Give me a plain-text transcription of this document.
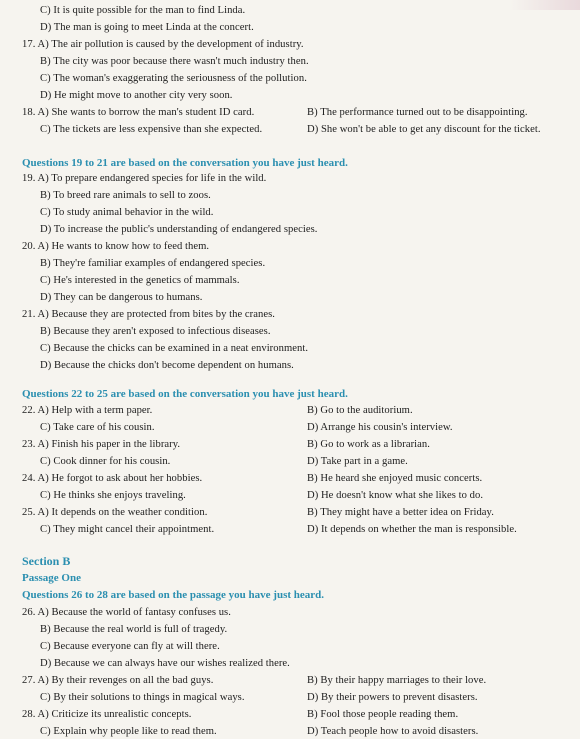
C) It is quite possible for the man to find Linda.
D) The man is going to meet Linda at the concert.
17. A) The air pollution is caused by the development of industry.
B) The city was poor because there wasn't much industry then.
C) The woman's exaggerating the seriousness of the pollution.
D) He might move to another city very soon.
18. A) She wants to borrow the man's student ID card.	B) The performance turned out to be disappointing.
C) The tickets are less expensive than she expected.	D) She won't be able to get any discount for the ticket.
19. A) To prepare endangered species for life in the wild.
B) To breed rare animals to sell to zoos.
C) To study animal behavior in the wild.
D) To increase the public's understanding of endangered species.
20. A) He wants to know how to feed them.
B) They're familiar examples of endangered species.
C) He's interested in the genetics of mammals.
D) They can be dangerous to humans.
21. A) Because they are protected from bites by the cranes.
B) Because they aren't exposed to infectious diseases.
C) Because the chicks can be examined in a neat environment.
D) Because the chicks don't become dependent on humans.
22. A) Help with a term paper.	B) Go to the auditorium.
C) Take care of his cousin.	D) Arrange his cousin's interview.
23. A) Finish his paper in the library.	B) Go to work as a librarian.
C) Cook dinner for his cousin.	D) Take part in a game.
24. A) He forgot to ask about her hobbies.	B) He heard she enjoyed music concerts.
C) He thinks she enjoys traveling.	D) He doesn't know what she likes to do.
25. A) It depends on the weather condition.	B) They might have a better idea on Friday.
C) They might cancel their appointment.	D) It depends on whether the man is responsible.
26. A) Because the world of fantasy confuses us.
B) Because the real world is full of tragedy.
C) Because everyone can fly at will there.
D) Because we can always have our wishes realized there.
27. A) By their revenges on all the bad guys.	B) By their happy marriages to their love.
C) By their solutions to things in magical ways.	D) By their powers to prevent disasters.
28. A) Criticize its unrealistic concepts.	B) Fool those people reading them.
C) Explain why people like to read them.	D) Teach people how to avoid disasters.
Questions 19 to 21 are based on the conversation you have just heard.
Questions 22 to 25 are based on the conversation you have just heard.
Section B
Passage One
Questions 26 to 28 are based on the passage you have just heard.
